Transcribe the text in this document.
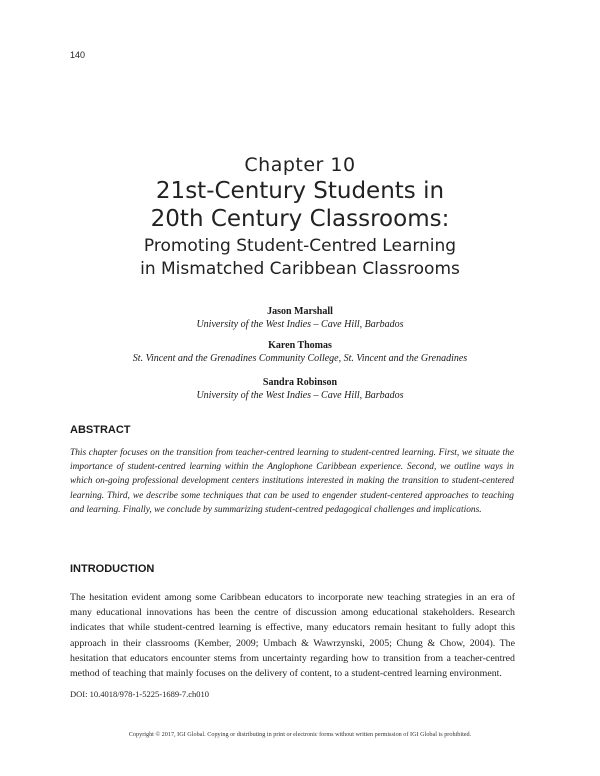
140
Chapter 10
21st-Century Students in
20th Century Classrooms:
Promoting Student-Centred Learning
in Mismatched Caribbean Classrooms
Jason Marshall
University of the West Indies – Cave Hill, Barbados
Karen Thomas
St. Vincent and the Grenadines Community College, St. Vincent and the Grenadines
Sandra Robinson
University of the West Indies – Cave Hill, Barbados
ABSTRACT
This chapter focuses on the transition from teacher-centred learning to student-centred learning. First, we situate the importance of student-centred learning within the Anglophone Caribbean experience. Second, we outline ways in which on-going professional development centers institutions interested in making the transition to student-centered learning. Third, we describe some techniques that can be used to engender student-centered approaches to teaching and learning. Finally, we conclude by summarizing student-centred pedagogical challenges and implications.
INTRODUCTION
The hesitation evident among some Caribbean educators to incorporate new teaching strategies in an era of many educational innovations has been the centre of discussion among educational stakeholders. Research indicates that while student-centred learning is effective, many educators remain hesitant to fully adopt this approach in their classrooms (Kember, 2009; Umbach & Wawrzynski, 2005; Chung & Chow, 2004). The hesitation that educators encounter stems from uncertainty regarding how to transition from a teacher-centred method of teaching that mainly focuses on the delivery of content, to a student-centred learning environment.
DOI: 10.4018/978-1-5225-1689-7.ch010
Copyright © 2017, IGI Global. Copying or distributing in print or electronic forms without written permission of IGI Global is prohibited.
